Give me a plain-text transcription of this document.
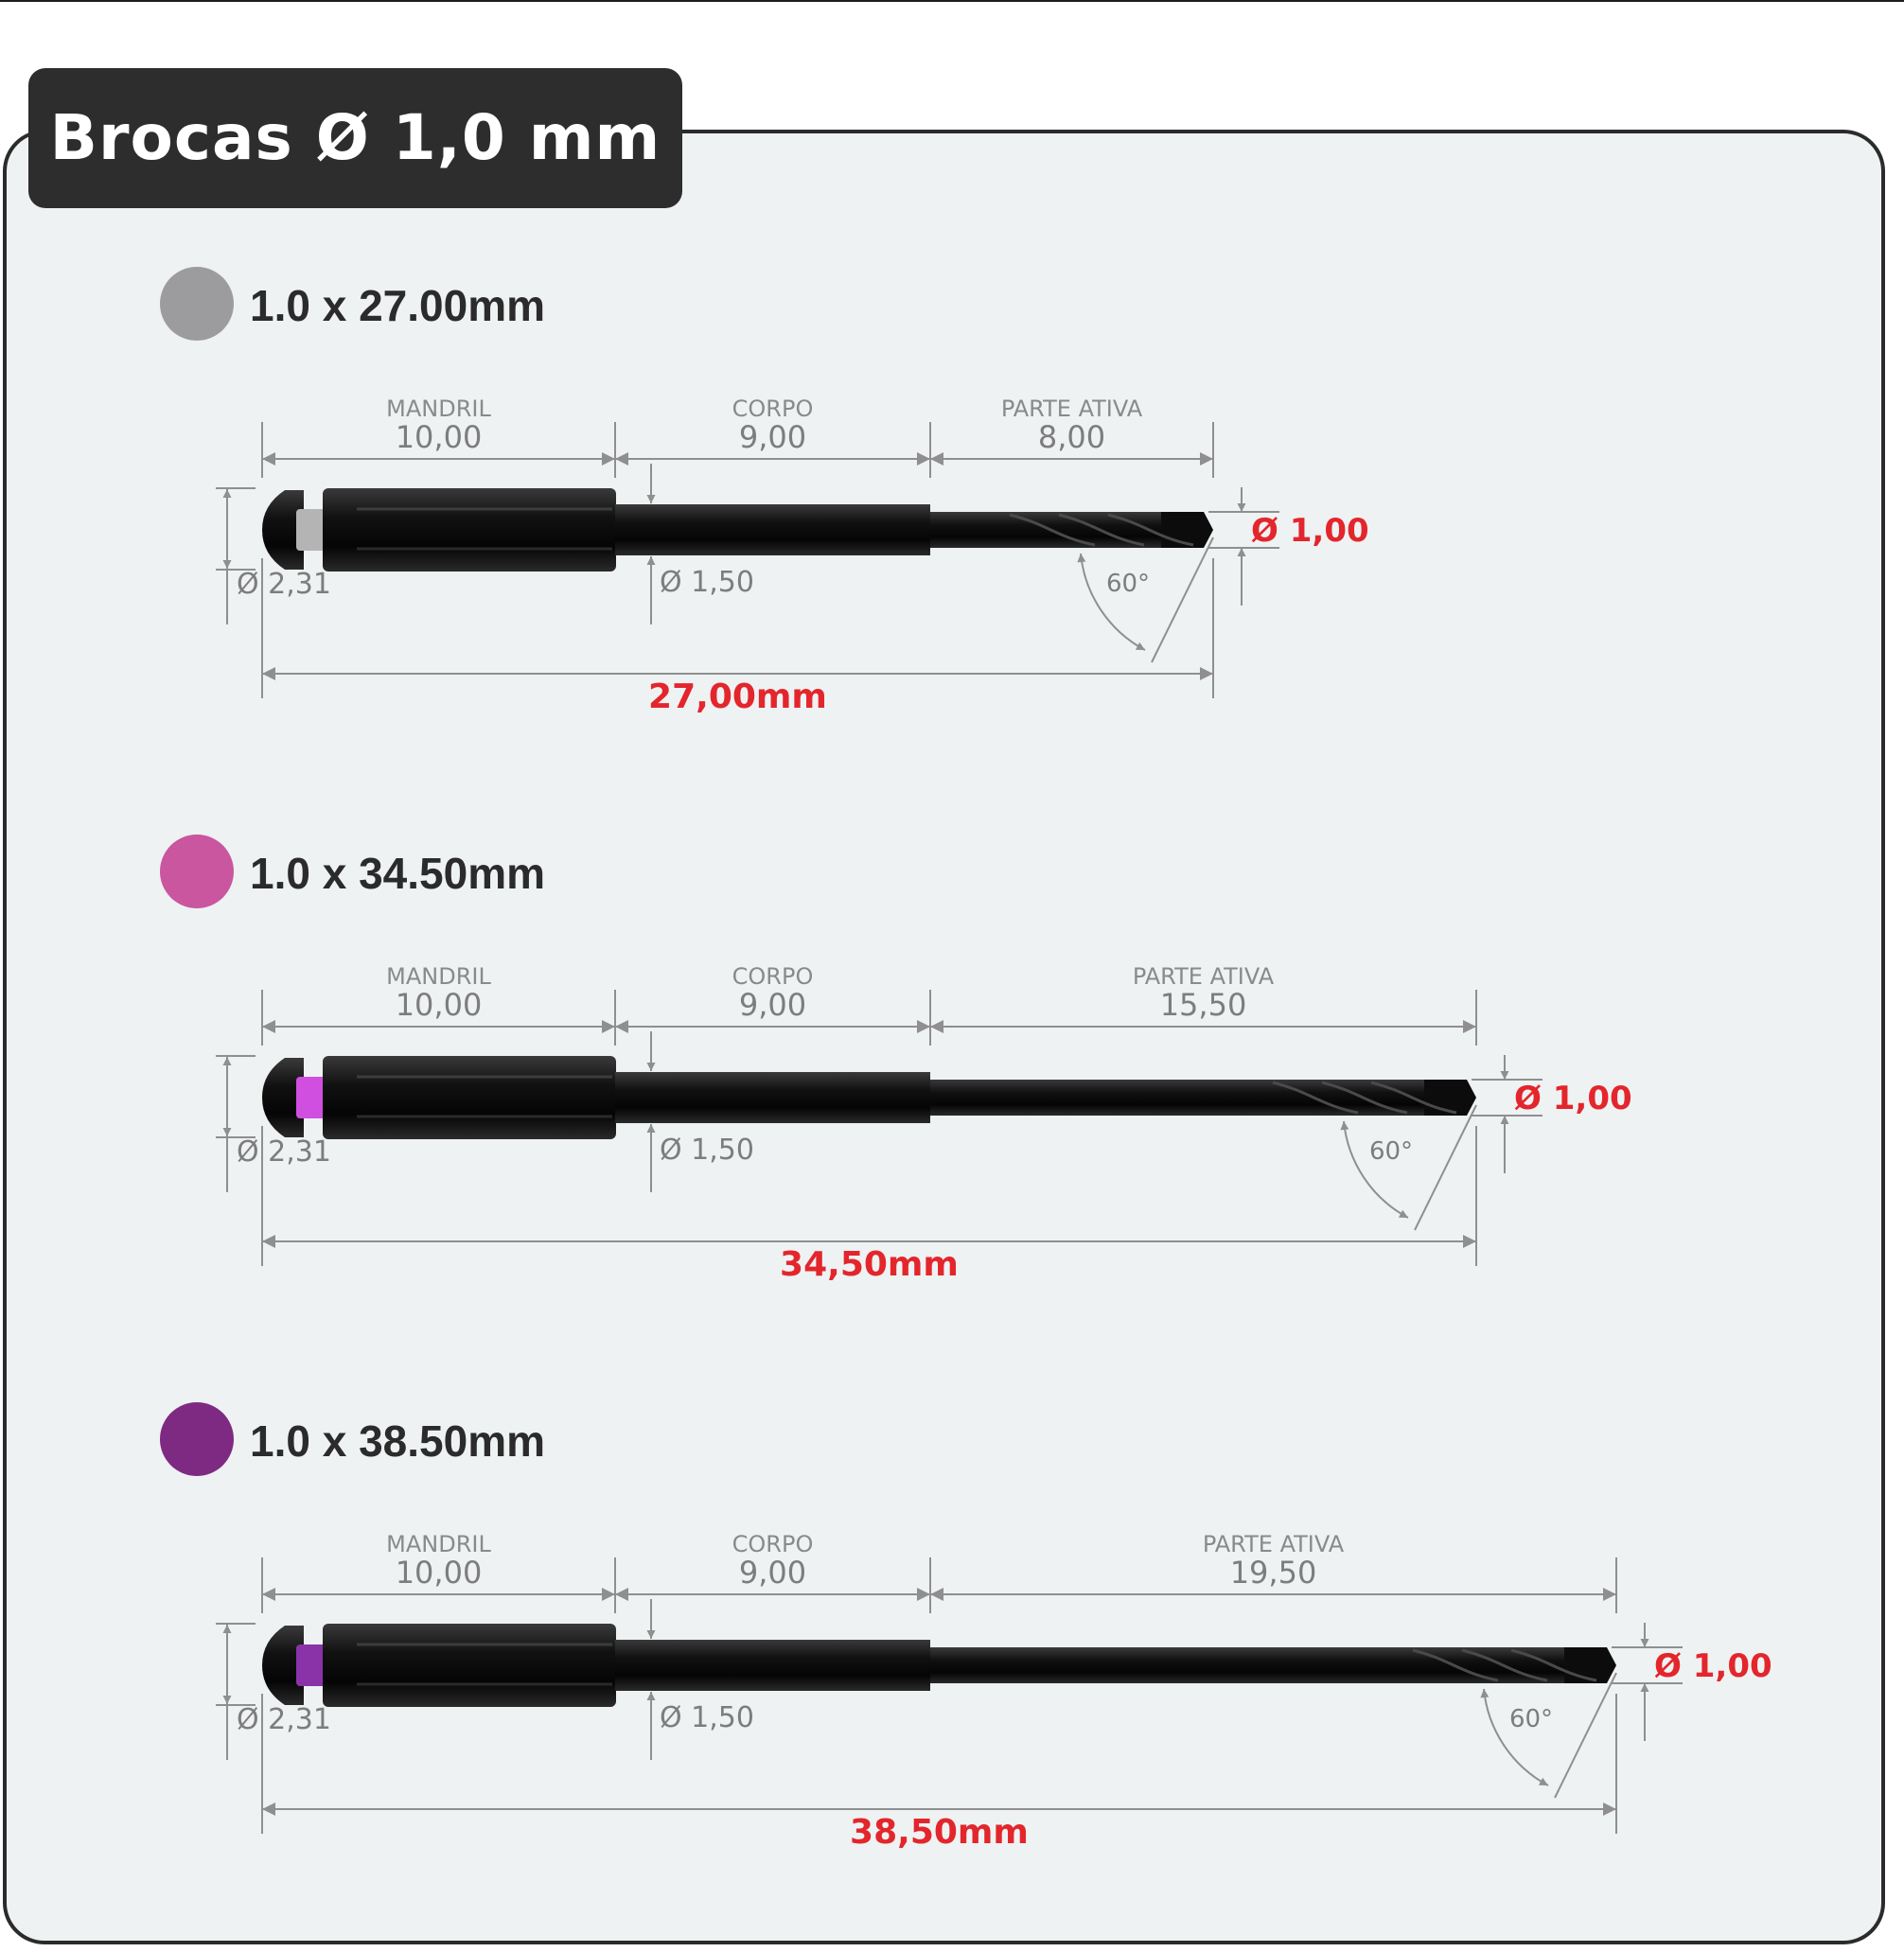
Brocas Ø 1,0 mm
1.0 x 27.00mm
MANDRIL
10,00
CORPO
9,00
PARTE ATIVA
8,00
Ø 1,00
60°
Ø 2,31	Ø 1,50
27,00mm
1.0 x 34.50mm
MANDRIL
10,00
CORPO
9,00
PARTE ATIVA
15,50
Ø 1,00
60°
Ø 2,31	Ø 1,50
34,50mm
1.0 x 38.50mm
MANDRIL
10,00
CORPO
9,00
PARTE ATIVA
19,50
Ø 1,00
60°
Ø 2,31	Ø 1,50
38,50mm
